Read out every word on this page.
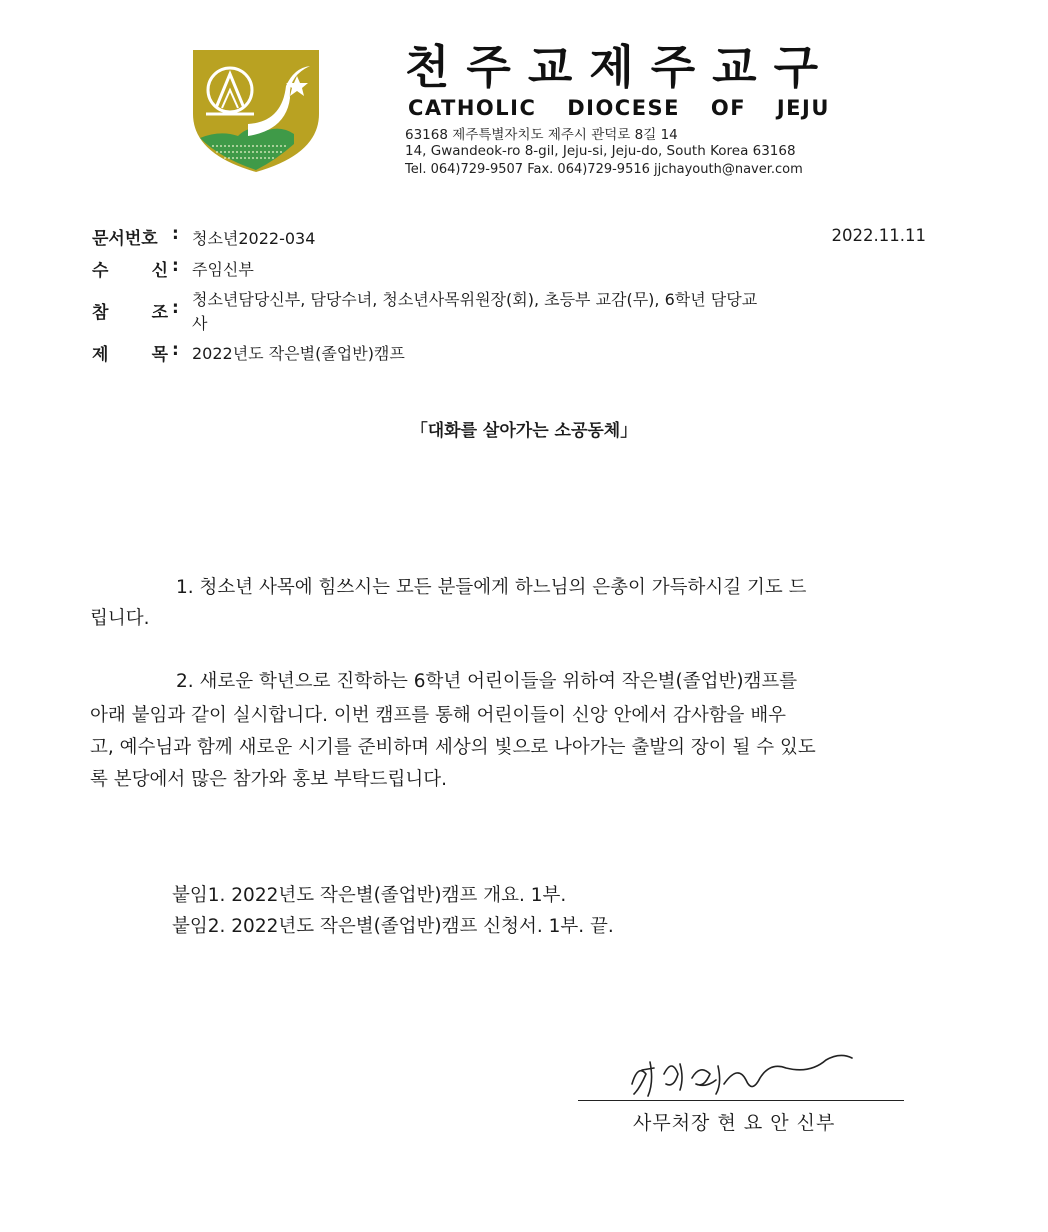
천주교제주교구
CATHOLIC DIOCESE OF JEJU
63168 제주특별자치도 제주시 관덕로 8길 14
14, Gwandeok-ro 8-gil, Jeju-si, Jeju-do, South Korea 63168
Tel. 064)729-9507 Fax. 064)729-9516 jjchayouth@naver.com
문서번호 : 청소년2022-034	2022.11.11
수	신 : 주임신부
참	조 : 청소년담당신부, 담당수녀, 청소년사목위원장(회), 초등부 교감(무), 6학년 담당교
사
제	목 : 2022년도 작은별(졸업반)캠프
「대화를 살아가는 소공동체」
1. 청소년 사목에 힘쓰시는 모든 분들에게 하느님의 은총이 가득하시길 기도 드
립니다.
2. 새로운 학년으로 진학하는 6학년 어린이들을 위하여 작은별(졸업반)캠프를
아래 붙임과 같이 실시합니다. 이번 캠프를 통해 어린이들이 신앙 안에서 감사함을 배우
고, 예수님과 함께 새로운 시기를 준비하며 세상의 빛으로 나아가는 출발의 장이 될 수 있도
록 본당에서 많은 참가와 홍보 부탁드립니다.
붙임1. 2022년도 작은별(졸업반)캠프 개요. 1부.
붙임2. 2022년도 작은별(졸업반)캠프 신청서. 1부. 끝.
사무처장 현 요 안 신부
